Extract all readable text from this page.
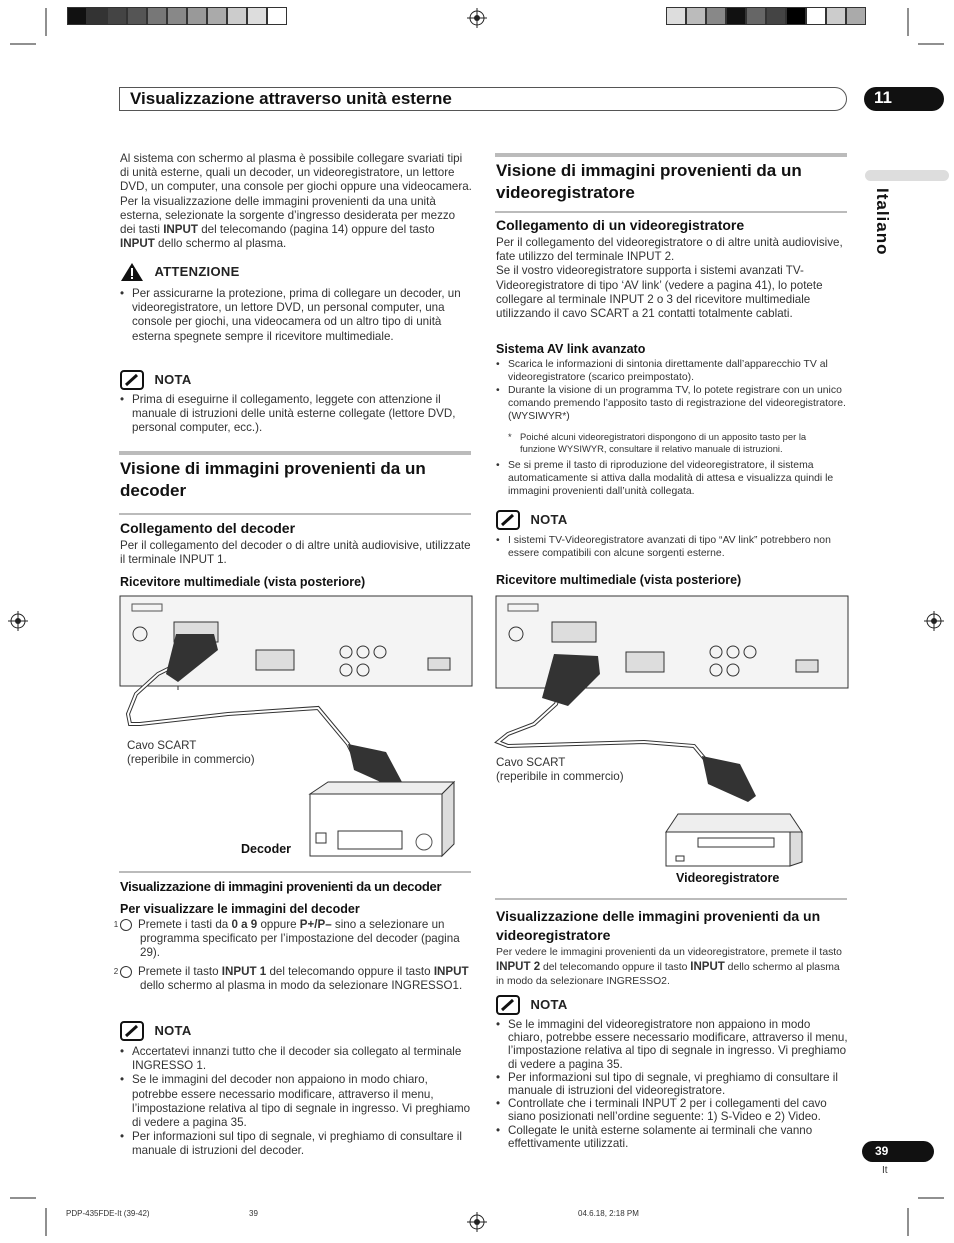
Visualizzazione attraverso unità esterne	11
Italiano
Al sistema con schermo al plasma è possibile collegare svariati tipi di unità esterne, quali un decoder, un videoregistratore, un lettore DVD, un computer, una console per giochi oppure una videocamera. Per la visualizzazione delle immagini provenienti da una unità esterna, selezionate la sorgente d’ingresso desiderata per mezzo dei tasti INPUT del telecomando (pagina 14) oppure del tasto INPUT dello schermo al plasma.
ATTENZIONE
• Per assicurarne la protezione, prima di collegare un decoder, un videoregistratore, un lettore DVD, un personal computer, una console per giochi, una videocamera od un altro tipo di unità esterna spegnete sempre il ricevitore multimediale.
NOTA
• Prima di eseguirne il collegamento, leggete con attenzione il manuale di istruzioni delle unità esterne collegate (lettore DVD, personal computer, ecc.).
Visione di immagini provenienti da un decoder
Collegamento del decoder
Per il collegamento del decoder o di altre unità audiovisive, utilizzate il terminale INPUT 1.
Ricevitore multimediale (vista posteriore)
Cavo SCART
(reperibile in commercio)
Decoder
Visualizzazione di immagini provenienti da un decoder
Per visualizzare le immagini del decoder
1 Premete i tasti da 0 a 9 oppure P+/P– sino a selezionare un programma specificato per l’impostazione del decoder (pagina 29).
2 Premete il tasto INPUT 1 del telecomando oppure il tasto INPUT dello schermo al plasma in modo da selezionare INGRESSO1.
NOTA
• Accertatevi innanzi tutto che il decoder sia collegato al terminale INGRESSO 1.
• Se le immagini del decoder non appaiono in modo chiaro, potrebbe essere necessario modificare, attraverso il menu, l’impostazione relativa al tipo di segnale in ingresso. Vi preghiamo di vedere a pagina 35.
• Per informazioni sul tipo di segnale, vi preghiamo di consultare il manuale di istruzioni del decoder.
Visione di immagini provenienti da un videoregistratore
Collegamento di un videoregistratore
Per il collegamento del videoregistratore o di altre unità audiovisive, fate utilizzo del terminale INPUT 2.
Se il vostro videoregistratore supporta i sistemi avanzati TV-Videoregistratore di tipo ‘AV link’ (vedere a pagina 41), lo potete collegare al terminale INPUT 2 o 3 del ricevitore multimediale utilizzando il cavo SCART a 21 contatti totalmente cablati.
Sistema AV link avanzato
• Scarica le informazioni di sintonia direttamente dall’apparecchio TV al videoregistratore (scarico preimpostato).
• Durante la visione di un programma TV, lo potete registrare con un unico comando premendo l’apposito tasto di registrazione del videoregistratore. (WYSIWYR*)
* Poiché alcuni videoregistratori dispongono di un apposito tasto per la funzione WYSIWYR, consultare il relativo manuale di istruzioni.
• Se si preme il tasto di riproduzione del videoregistratore, il sistema automaticamente si attiva dalla modalità di attesa e visualizza quindi le immagini provenienti dall’unità collegata.
NOTA
• I sistemi TV-Videoregistratore avanzati di tipo “AV link” potrebbero non essere compatibili con alcune sorgenti esterne.
Ricevitore multimediale (vista posteriore)
Cavo SCART
(reperibile in commercio)
Videoregistratore
Visualizzazione delle immagini provenienti da un videoregistratore
Per vedere le immagini provenienti da un videoregistratore, premete il tasto INPUT 2 del telecomando oppure il tasto INPUT dello schermo al plasma in modo da selezionare INGRESSO2.
NOTA
• Se le immagini del videoregistratore non appaiono in modo chiaro, potrebbe essere necessario modificare, attraverso il menu, l’impostazione relativa al tipo di segnale in ingresso. Vi preghiamo di vedere a pagina 35.
• Per informazioni sul tipo di segnale, vi preghiamo di consultare il manuale di istruzioni del videoregistratore.
• Controllate che i terminali INPUT 2 per i collegamenti del cavo siano posizionati nell’ordine seguente: 1) S-Video e 2) Video.
• Collegate le unità esterne solamente ai terminali che vanno effettivamente utilizzati.
39
It
PDP-435FDE-It (39-42)	39	04.6.18, 2:18 PM
